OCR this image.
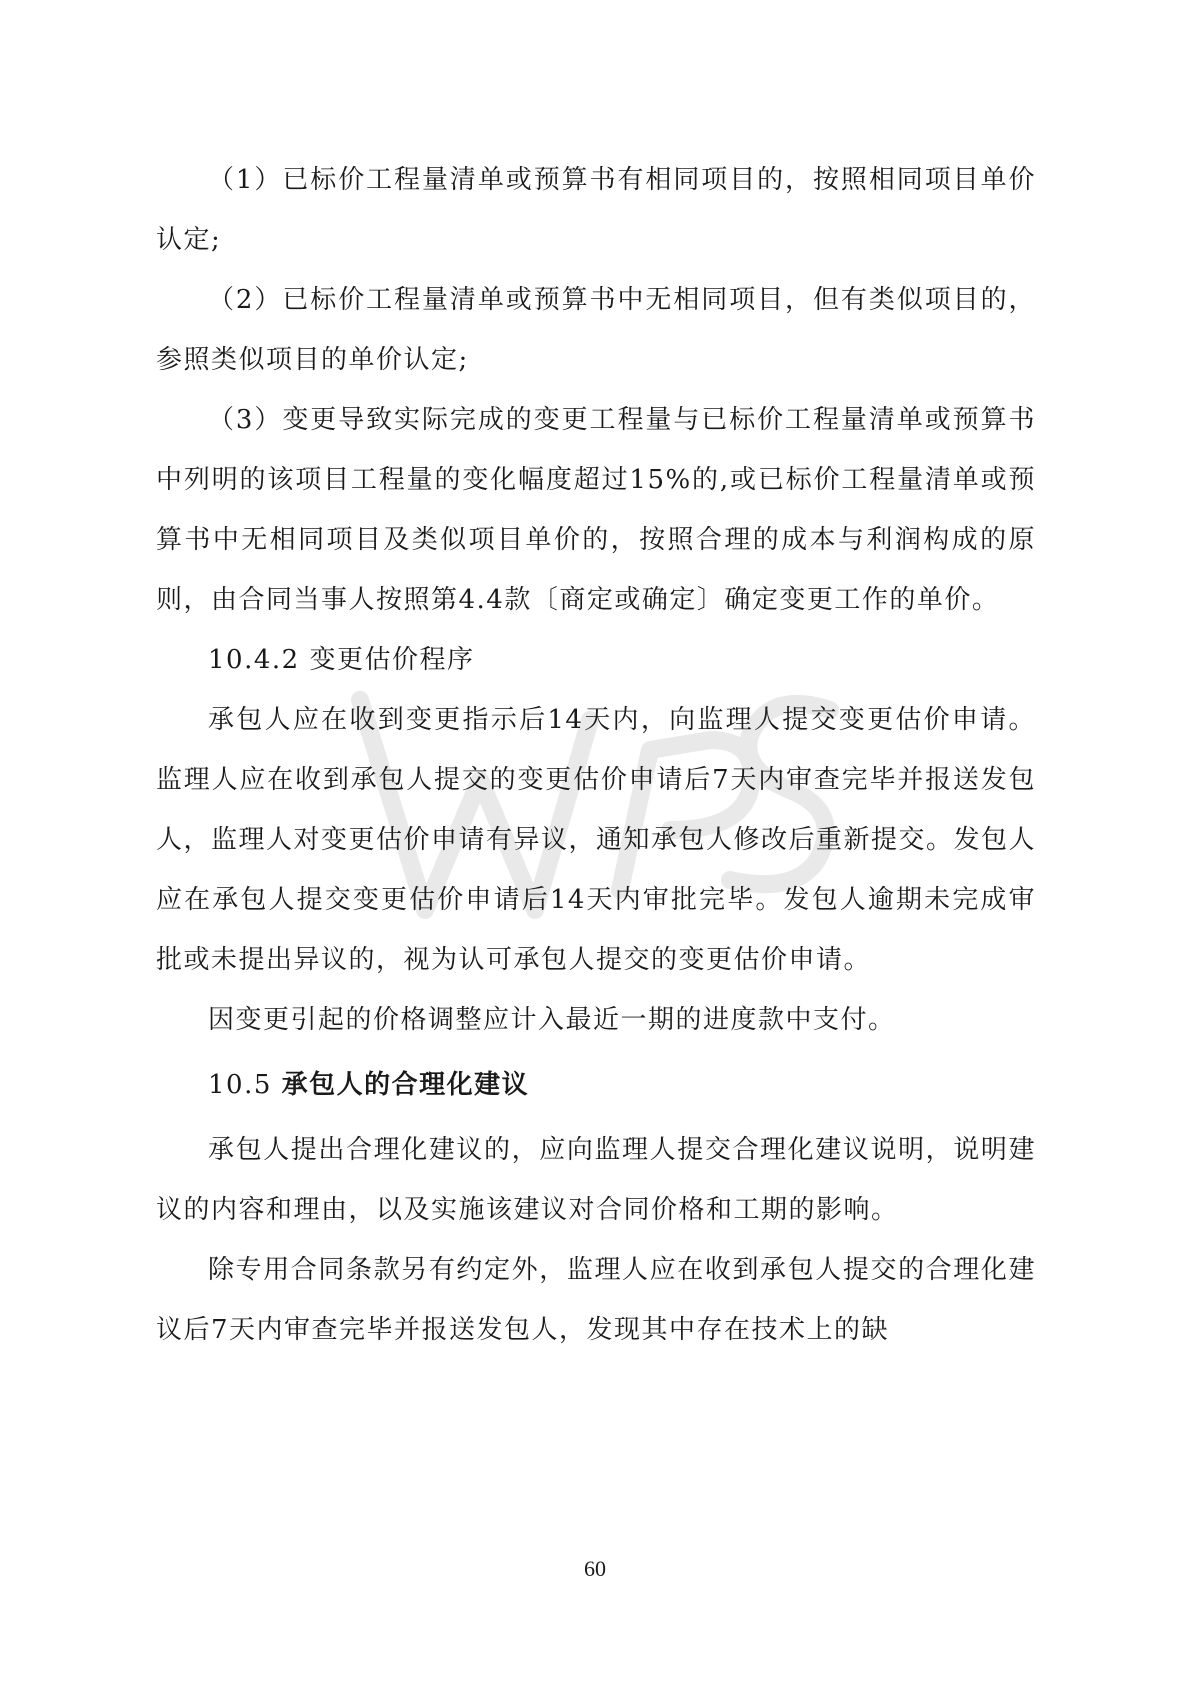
（1）已标价工程量清单或预算书有相同项目的，按照相同项目单价认定;

（2）已标价工程量清单或预算书中无相同项目，但有类似项目的，参照类似项目的单价认定;

（3）变更导致实际完成的变更工程量与已标价工程量清单或预算书中列明的该项目工程量的变化幅度超过15%的,或已标价工程量清单或预算书中无相同项目及类似项目单价的，按照合理的成本与利润构成的原则，由合同当事人按照第4.4款〔商定或确定〕确定变更工作的单价。

10.4.2 变更估价程序

承包人应在收到变更指示后14天内，向监理人提交变更估价申请。监理人应在收到承包人提交的变更估价申请后7天内审查完毕并报送发包人，监理人对变更估价申请有异议，通知承包人修改后重新提交。发包人应在承包人提交变更估价申请后14天内审批完毕。发包人逾期未完成审批或未提出异议的，视为认可承包人提交的变更估价申请。

因变更引起的价格调整应计入最近一期的进度款中支付。

10.5 承包人的合理化建议

承包人提出合理化建议的，应向监理人提交合理化建议说明，说明建议的内容和理由，以及实施该建议对合同价格和工期的影响。

除专用合同条款另有约定外，监理人应在收到承包人提交的合理化建议后7天内审查完毕并报送发包人，发现其中存在技术上的缺

60
